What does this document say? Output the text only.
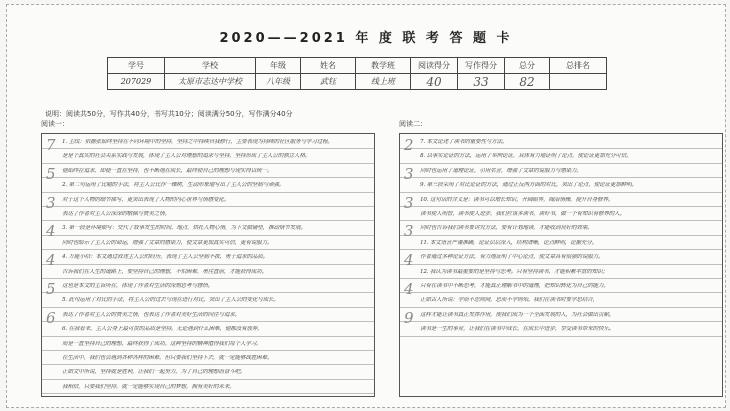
2020——2021 年 度 联 考 答 题 卡
学号	学校	年级	姓名	教学班	阅读得分	写作得分	总分	总排名
207029	太原市志达中学校	八年级	武钰	线上班	40	33	82	
说明：阅读共50分，写作共40分，书写共10分；阅读满分50分，写作满分40分
阅读一：
1. 主线：依据张始终坚持在不同环境中的坚持，坚持之中持续自我修行，主要表现为持续的社区服务与学习过程。
是是个真实的社会关系实践与发展，体现了主人公对理想的追求与坚持，坚持形成了主人公的独立人格。
他始终在追求，即便一直在坚持，也不断地在成长，最终使自己的理想与现实得以统一。
2. 第二句运用了比喻的手法，将主人公比作一棵树，生动形象地写出了主人公的坚韧与顽强。
对于这个人物的细节描写，更突出表现了人物的内心世界与情感变化。
表达了作者对主人公深深的敬佩与赞美之情。
3. 第一段是环境描写：交代了故事发生的时间、地点，烘托人物心情，为下文做铺垫，推动情节发展。
同时也暗示了主人公的命运，增强了文章的感染力，使文章更加真实可信，更有说服力。
4. 万能小结：本文通过叙述主人公的经历，表现了主人公坚韧不拔、勇于追求的品质。
告诉我们在人生的道路上，要坚持自己的理想，不怕困难，勇往直前，才能获得成功。
这也是本文的主旨所在，体现了作者对生活的深刻思考与感悟。
5. 此句运用了对比的手法，将主人公的过去与现在进行对比，突出了主人公的变化与成长。
表达了作者对主人公的赞美之情，也表达了作者对美好生活的向往与追求。
6. 在我看来，主人公身上最可贵的品质是坚持。无论遇到什么困难，他都没有放弃，
而是一直坚持自己的理想，最终获得了成功。这种坚持的精神值得我们每个人学习。
在生活中，我们也会遇到各种各样的困难，但只要我们坚持下去，就一定能够战胜困难。
正如文中所说，坚持就是胜利，让我们一起努力，为了自己的理想而奋斗吧。
我相信，只要我们坚持，就一定能够实现自己的梦想，拥有美好的未来。
7
5
3
4
4
5
6
阅读二：
7. 本文论述了读书的重要性与方法。
8. 以事实论证的方法，运用了举例论证，具体有力地证明了论点，使论证更加充分可信。
同时也运用了道理论证，引用名言，增强了文章的说服力与感染力。
9. 第三段采用了对比论证的方法，通过正反两方面的对比，突出了论点，使论证更加鲜明。
10. 这句话的含义是：读书可以增长知识，开阔眼界，陶冶情操，提升自身修养。
读书使人明智，读书使人进步，我们应该多读书，读好书，做一个有知识有修养的人。
同时也告诉我们读书要讲究方法，要有计划地读，才能收到良好的效果。
11. 本文语言严谨准确，论证层层深入，结构清晰，论点鲜明，论据充分。
作者通过多种论证方法，有力地证明了中心论点，使文章具有很强的说服力。
12. 我认为读书最重要的是坚持与思考。只有坚持读书，才能积累丰富的知识；
只有在读书中不断思考，才能真正理解书中的道理，把知识转化为自己的能力。
正如古人所说：学而不思则罔，思而不学则殆。我们在读书时要学思结合，
这样才能让读书真正发挥作用，使我们成为一个全面发展的人，为社会做出贡献。
读书是一生的事业，让我们在读书中成长，在成长中进步，享受读书带来的快乐。
2
3
3
3
4
4
9
